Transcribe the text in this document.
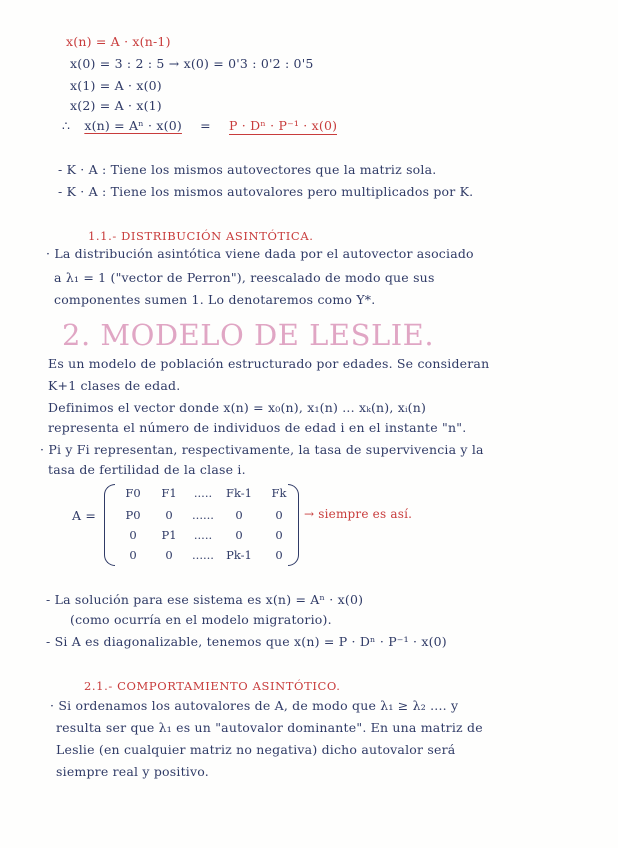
x(n) = A · x(n-1)
x(0) = 3 : 2 : 5 → x(0) = 0'3 : 0'2 : 0'5
x(1) = A · x(0)
x(2) = A · x(1)
∴ x(n) = Aⁿ · x(0) = P · Dⁿ · P⁻¹ · x(0)
- K · A : Tiene los mismos autovectores que la matriz sola.
- K · A : Tiene los mismos autovalores pero multiplicados por K.
1.1.- DISTRIBUCIÓN ASINTÓTICA.
· La distribución asintótica viene dada por el autovector asociado
a λ₁ = 1 ("vector de Perron"), reescalado de modo que sus
componentes sumen 1. Lo denotaremos como Y*.
2. MODELO DE LESLIE.
Es un modelo de población estructurado por edades. Se consideran
K+1 clases de edad.
Definimos el vector donde x(n) = x₀(n), x₁(n) ... xₖ(n), xᵢ(n)
representa el número de individuos de edad i en el instante "n".
· Pi y Fi representan, respectivamente, la tasa de supervivencia y la
tasa de fertilidad de la clase i.
A =
F0	F1	.....	Fk-1	Fk
P0	0	......	0	0
0	P1	.....	0	0
0	0	......	Pk-1	0
→ siempre es así.
- La solución para ese sistema es x(n) = Aⁿ · x(0)
(como ocurría en el modelo migratorio).
- Si A es diagonalizable, tenemos que x(n) = P · Dⁿ · P⁻¹ · x(0)
2.1.- COMPORTAMIENTO ASINTÓTICO.
· Si ordenamos los autovalores de A, de modo que λ₁ ≥ λ₂ .... y
resulta ser que λ₁ es un "autovalor dominante". En una matriz de
Leslie (en cualquier matriz no negativa) dicho autovalor será
siempre real y positivo.
